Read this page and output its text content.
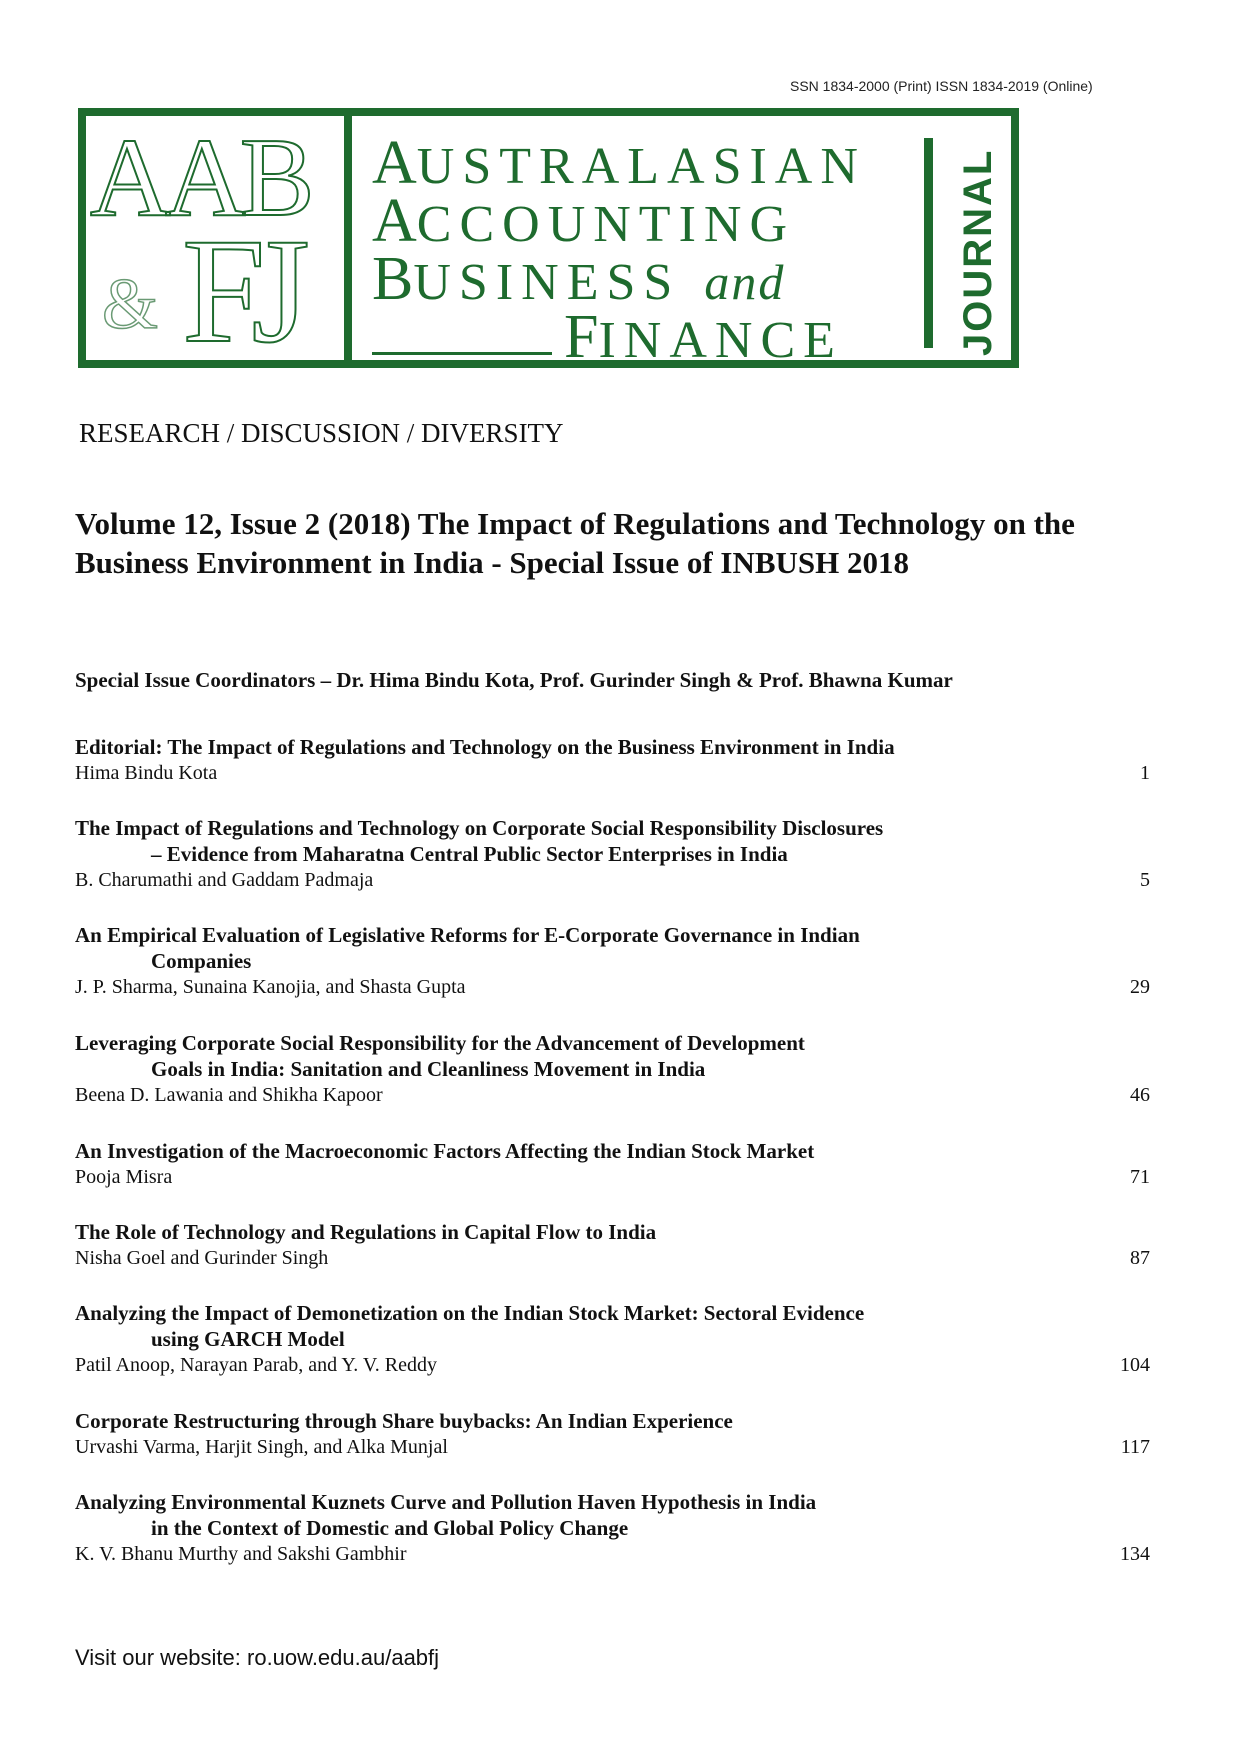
SSN 1834-2000 (Print) ISSN 1834-2019 (Online)
AAB
& FJ
AUSTRALASIAN
ACCOUNTING
BUSINESS and
FINANCE	JOURNAL
RESEARCH / DISCUSSION / DIVERSITY
Volume 12, Issue 2 (2018) The Impact of Regulations and Technology on the Business Environment in India - Special Issue of INBUSH 2018
Special Issue Coordinators – Dr. Hima Bindu Kota, Prof. Gurinder Singh & Prof. Bhawna Kumar

Editorial: The Impact of Regulations and Technology on the Business Environment in India

Hima Bindu Kota	1

The Impact of Regulations and Technology on Corporate Social Responsibility Disclosures
– Evidence from Maharatna Central Public Sector Enterprises in India

B. Charumathi and Gaddam Padmaja	5

An Empirical Evaluation of Legislative Reforms for E-Corporate Governance in Indian
Companies

J. P. Sharma, Sunaina Kanojia, and Shasta Gupta	29

Leveraging Corporate Social Responsibility for the Advancement of Development
Goals in India: Sanitation and Cleanliness Movement in India

Beena D. Lawania and Shikha Kapoor	46

An Investigation of the Macroeconomic Factors Affecting the Indian Stock Market

Pooja Misra	71

The Role of Technology and Regulations in Capital Flow to India

Nisha Goel and Gurinder Singh	87

Analyzing the Impact of Demonetization on the Indian Stock Market: Sectoral Evidence
using GARCH Model

Patil Anoop, Narayan Parab, and Y. V. Reddy	104

Corporate Restructuring through Share buybacks: An Indian Experience

Urvashi Varma, Harjit Singh, and Alka Munjal	117

Analyzing Environmental Kuznets Curve and Pollution Haven Hypothesis in India
in the Context of Domestic and Global Policy Change

K. V. Bhanu Murthy and Sakshi Gambhir	134
Visit our website: ro.uow.edu.au/aabfj
